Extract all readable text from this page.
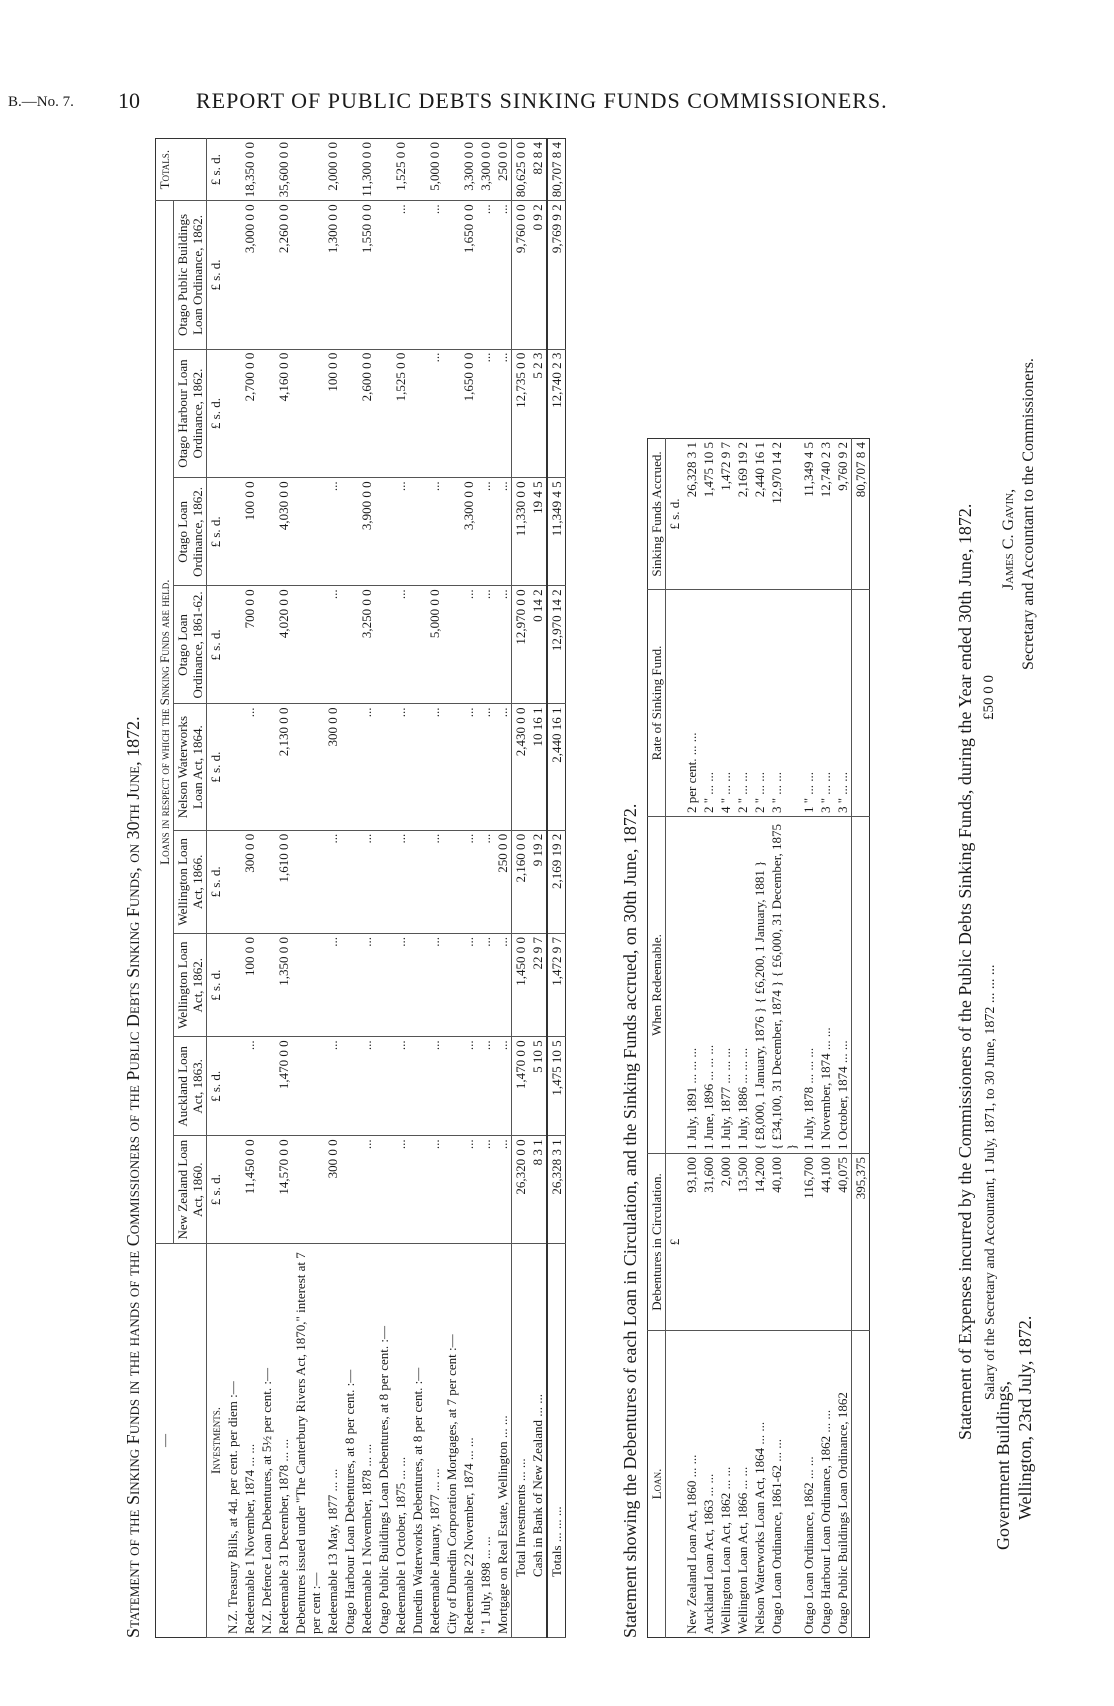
B.—No. 7. 10	REPORT OF PUBLIC DEBTS SINKING FUNDS COMMISSIONERS.
Statement of the Sinking Funds in the hands of the Commissioners of the Public Debts Sinking Funds, on 30th June, 1872. —	Loans in respect of which the Sinking Funds are held.									Totals.
	New Zealand Loan Act, 1860.	Auckland Loan Act, 1863.	Wellington Loan Act, 1862.	Wellington Loan Act, 1866.	Nelson Waterworks Loan Act, 1864.	Otago Loan Ordinance, 1861-62.	Otago Loan Ordinance, 1862.	Otago Harbour Loan Ordinance, 1862.	Otago Public Buildings Loan Ordinance, 1862.	
Investments.	£ s. d.	£ s. d.	£ s. d.	£ s. d.	£ s. d.	£ s. d.	£ s. d.	£ s. d.	£ s. d.	£ s. d.
N.Z. Treasury Bills, at 4d. per cent. per diem :—										
Redeemable 1 November, 1874 ... ...	11,450 0 0	...	100 0 0	300 0 0	...	700 0 0	100 0 0	2,700 0 0	3,000 0 0	18,350 0 0
N.Z. Defence Loan Debentures, at 5½ per cent. :—										
Redeemable 31 December, 1878 ... ...	14,570 0 0	1,470 0 0	1,350 0 0	1,610 0 0	2,130 0 0	4,020 0 0	4,030 0 0	4,160 0 0	2,260 0 0	35,600 0 0
Debentures issued under "The Canterbury Rivers Act, 1870," interest at 7 per cent :—										
Redeemable 13 May, 1877 ... ...	300 0 0	...	...	...	300 0 0	...	...	100 0 0	1,300 0 0	2,000 0 0
Otago Harbour Loan Debentures, at 8 per cent. :—										
Redeemable 1 November, 1878 ... ...	...	...	...	...	...	3,250 0 0	3,900 0 0	2,600 0 0	1,550 0 0	11,300 0 0
Otago Public Buildings Loan Debentures, at 8 per cent. :—										
Redeemable 1 October, 1875 ... ...	...	...	...	...	...	...	...	1,525 0 0	...	1,525 0 0
Dunedin Waterworks Debentures, at 8 per cent. :—										
Redeemable January, 1877 ... ...	...	...	...	...	...	5,000 0 0	...	...	...	5,000 0 0
City of Dunedin Corporation Mortgages, at 7 per cent :—										
Redeemable 22 November, 1874 ... ...	...	...	...	...	...	...	3,300 0 0	1,650 0 0	1,650 0 0	3,300 0 0
" 1 July, 1898 ... ...	...	...	...	...	...	...	...	...	...	3,300 0 0
Mortgage on Real Estate, Wellington ... ...	...	...	...	250 0 0	...	...	...	...	...	250 0 0
Total Investments ... ...	26,320 0 0	1,470 0 0	1,450 0 0	2,160 0 0	2,430 0 0	12,970 0 0	11,330 0 0	12,735 0 0	9,760 0 0	80,625 0 0
Cash in Bank of New Zealand ... ...	8 3 1	5 10 5	22 9 7	9 19 2	10 16 1	0 14 2	19 4 5	5 2 3	0 9 2	82 8 4
Totals ... ... ...	26,328 3 1	1,475 10 5	1,472 9 7	2,169 19 2	2,440 16 1	12,970 14 2	11,349 4 5	12,740 2 3	9,769 9 2	80,707 8 4
Statement showing the Debentures of each Loan in Circulation, and the Sinking Funds accrued, on 30th June, 1872. Loan.	Debentures in Circulation.	When Redeemable.	Rate of Sinking Fund.	Sinking Funds Accrued.
	£			£ s. d.
New Zealand Loan Act, 1860 ... ...	93,100	1 July, 1891 ... ... ...	2 per cent. ... ...	26,328 3 1
Auckland Loan Act, 1863 ... ...	31,600	1 June, 1896 ... ... ...	2 " ... ...	1,475 10 5
Wellington Loan Act, 1862 ... ...	2,000	1 July, 1877 ... ... ...	4 " ... ...	1,472 9 7
Wellington Loan Act, 1866 ... ...	13,500	1 July, 1886 ... ... ...	2 " ... ...	2,169 19 2
Nelson Waterworks Loan Act, 1864 ... ...	14,200	{ £8,000, 1 January, 1876 } { £6,200, 1 January, 1881 }	2 " ... ...	2,440 16 1
Otago Loan Ordinance, 1861-62 ... ...	40,100	{ £34,100, 31 December, 1874 } { £6,000, 31 December, 1875 }	3 " ... ...	12,970 14 2
Otago Loan Ordinance, 1862 ... ...	116,700	1 July, 1878 ... ... ...	1 " ... ...	11,349 4 5
Otago Harbour Loan Ordinance, 1862 ... ...	44,100	1 November, 1874 ... ...	3 " ... ...	12,740 2 3
Otago Public Buildings Loan Ordinance, 1862	40,075	1 October, 1874 ... ...	3 " ... ...	9,760 9 2
	395,375			80,707 8 4
Statement of Expenses incurred by the Commissioners of the Public Debts Sinking Funds, during the Year ended 30th June, 1872. Salary of the Secretary and Accountant, 1 July, 1871, to 30 June, 1872 ... ... ...
£50 0 0
Government Buildings, Wellington, 23rd July, 1872.
James C. Gavin, Secretary and Accountant to the Commissioners.
